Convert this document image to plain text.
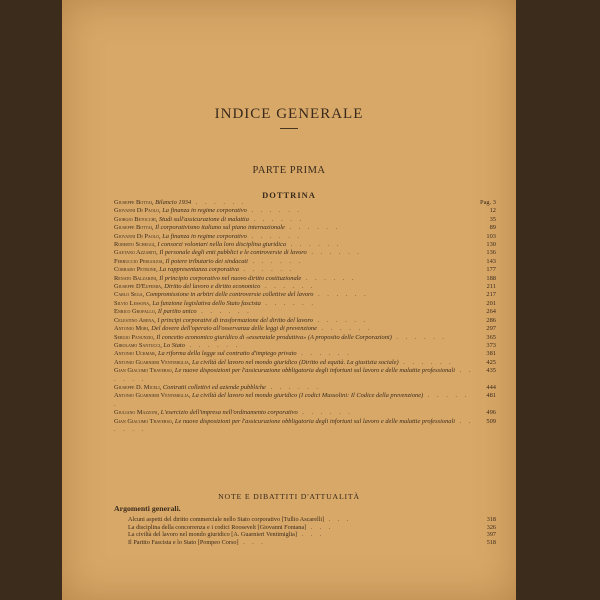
INDICE GENERALE
PARTE PRIMA
DOTTRINA
Giuseppe Bottai, Bilancio 1934 . . . . . .	Pag. 3
Giovanni Di Paolo, La finanza in regime corporativo . . . . . .	12
Giorgio Betocchi, Studi sull'assicurazione di malattia . . . . . .	35
Giuseppe Bottai, Il corporativismo italiano sul piano internazionale . . . . . .	89
Giovanni Di Paolo, La finanza in regime corporativo . . . . . .	103
Roberto Scheggi, I consorzi volontari nella loro disciplina giuridica . . . . . .	130
Gaetano Azzariti, Il personale degli enti pubblici e le controversie di lavoro . . . . . .	136
Ferruccio Pergolesi, Il potere tributario dei sindacati . . . . . .	143
Corrado Petrone, La rappresentanza corporativa . . . . . .	177
Renato Balzarini, Il principio corporativo nel nuovo diritto costituzionale . . . . . .	188
Giuseppe D'Eufemia, Diritto del lavoro e diritto economico . . . . . .	211
Carlo Sega, Compromissione in arbitri delle controversie collettive del lavoro . . . . . .	217
Silvio Lessona, La funzione legislativa dello Stato fascista . . . . . .	201
Enrico Grofallo, Il partito unico . . . . . .	264
Celestino Arena, I principi corporativi di trasformazione del diritto del lavoro . . . . . .	286
Antonio Mori, Del dovere dell'operaio all'osservanza delle leggi di prevenzione . . . . . .	297
Sergio Panunzio, Il concetto economico giuridico di «essenziale produttiva» (A proposito delle Corporazioni) . . . . . .	365
Girolamo Santucci, Lo Stato . . . . . .	373
Antonio Uckmar, La riforma della legge sul contratto d'impiego privato . . . . . .	381
Antonio Guarnieri Ventimiglia, La civiltà del lavoro nel mondo giuridico (Diritto ed equità. La giustizia sociale) . . . . . .	425
Gian Giacomo Traverso, Le nuove disposizioni per l'assicurazione obbligatoria degli infortuni sul lavoro e delle malattie professionali . . . . . .
435
Giuseppe D. Miceli, Contratti collettivi ed aziende pubbliche . . . . . .	444
Antonio Guarnieri Ventimiglia, La civiltà del lavoro nel mondo giuridico (I codici Mussolini: Il Codice della prevenzione) . . . . . .
481
Giuliano Mazzoni, L'esercizio dell'impresa nell'ordinamento corporativo . . . . . .	496
Gian Giacomo Traverso, Le nuove disposizioni per l'assicurazione obbligatoria degli infortuni sul lavoro e delle malattie professionali . . . . . .
509
NOTE E DIBATTITI D'ATTUALITÀ
Argomenti generali.
Alcuni aspetti del diritto commerciale nello Stato corporativo [Tullio Ascarelli] . . .	318
La disciplina della concorrenza e i codici Roosevelt [Giovanni Fontana] . . .	326
La civiltà del lavoro nel mondo giuridico [A. Guarnieri Ventimiglia] . . .	397
Il Partito Fascista e lo Stato [Pompeo Corso] . . .	518
